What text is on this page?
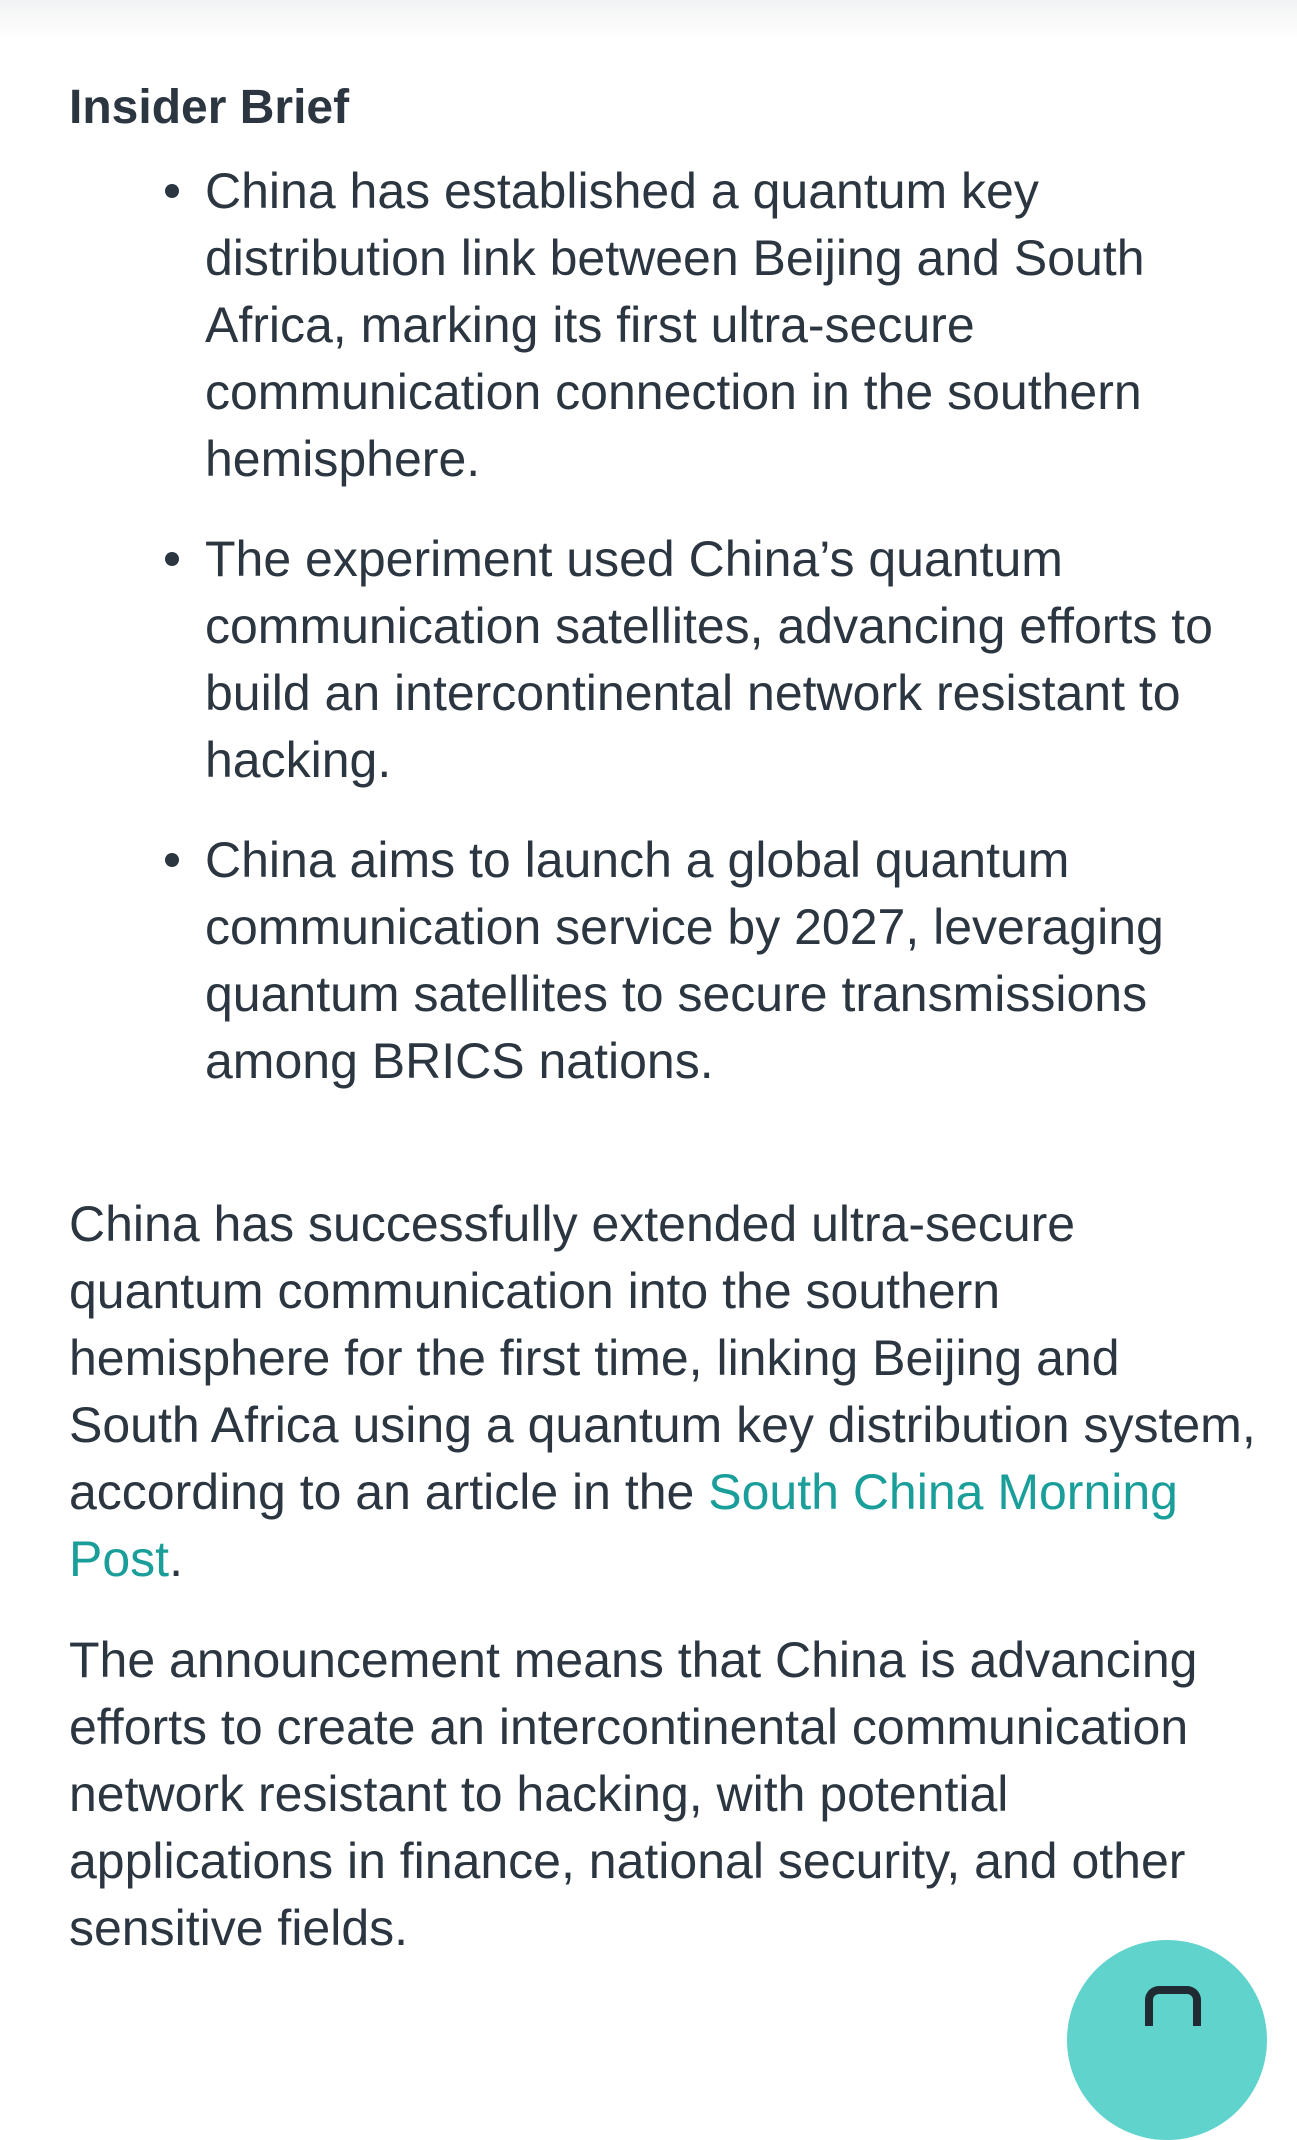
Insider Brief
China has established a quantum key distribution link between Beijing and South Africa, marking its first ultra-secure communication connection in the southern hemisphere.
The experiment used China’s quantum communication satellites, advancing efforts to build an intercontinental network resistant to hacking.
China aims to launch a global quantum communication service by 2027, leveraging quantum satellites to secure transmissions among BRICS nations.

China has successfully extended ultra-secure quantum communication into the southern hemisphere for the first time, linking Beijing and South Africa using a quantum key distribution system, according to an article in the South China Morning Post.

The announcement means that China is advancing efforts to create an intercontinental communication network resistant to hacking, with potential applications in finance, national security, and other sensitive fields.
